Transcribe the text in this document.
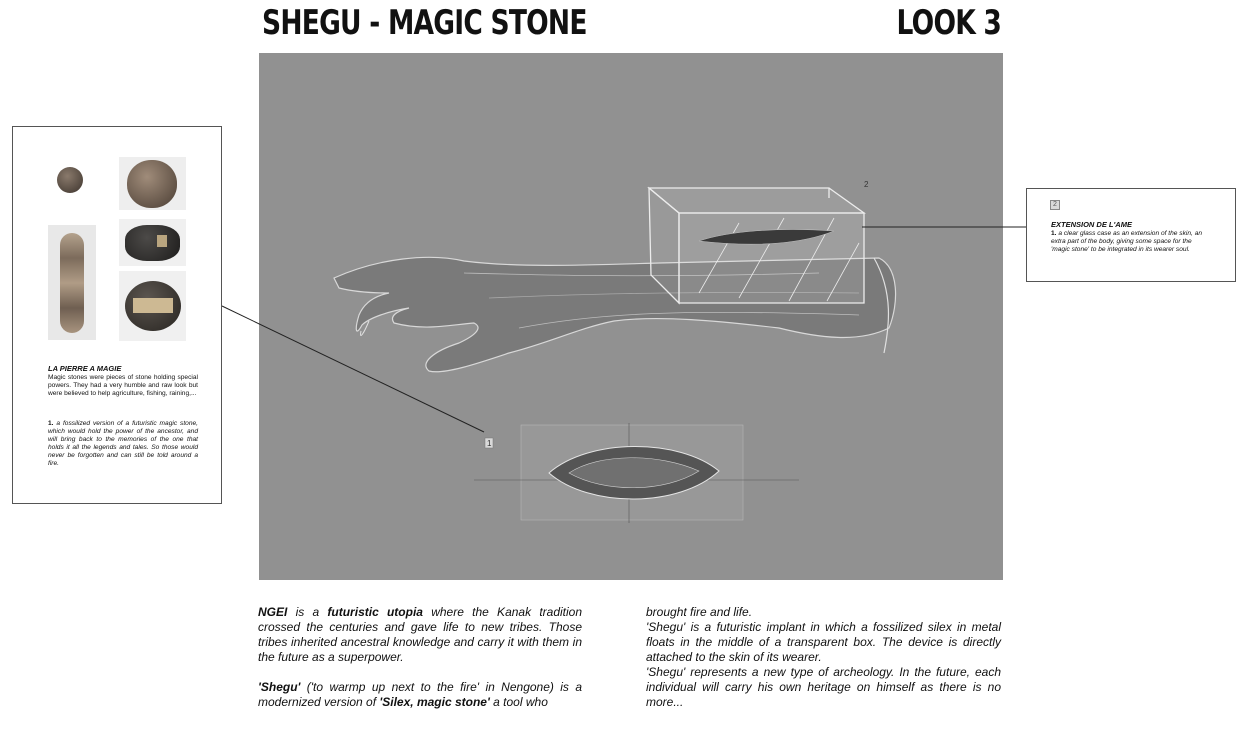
SHEGU - MAGIC STONE	LOOK 3
2
1
LA PIERRE A MAGIE
Magic stones were pieces of stone holding special powers. They had a very humble and raw look but were believed to help agriculture, fishing, raining,...
1. a fossilized version of a futuristic magic stone, which would hold the power of the ancestor, and will bring back to the memories of the one that holds it all the legends and tales. So those would never be forgotten and can still be told around a fire.
2
EXTENSION DE L'AME
1. a clear glass case as an extension of the skin, an extra part of the body, giving some space for the 'magic stone' to be integrated in its wearer soul.

NGEI is a futuristic utopia where the Kanak tradition crossed the centuries and gave life to new tribes. Those tribes inherited ancestral knowledge and carry it with them in the future as a superpower.

'Shegu' ('to warmp up next to the fire' in Nengone) is a modernized version of 'Silex, magic stone' a tool who

brought fire and life.

'Shegu' is a futuristic implant in which a fossilized silex in metal floats in the middle of a transparent box. The device is directly attached to the skin of its wearer.

'Shegu' represents a new type of archeology. In the future, each individual will carry his own heritage on himself as there is no more...
